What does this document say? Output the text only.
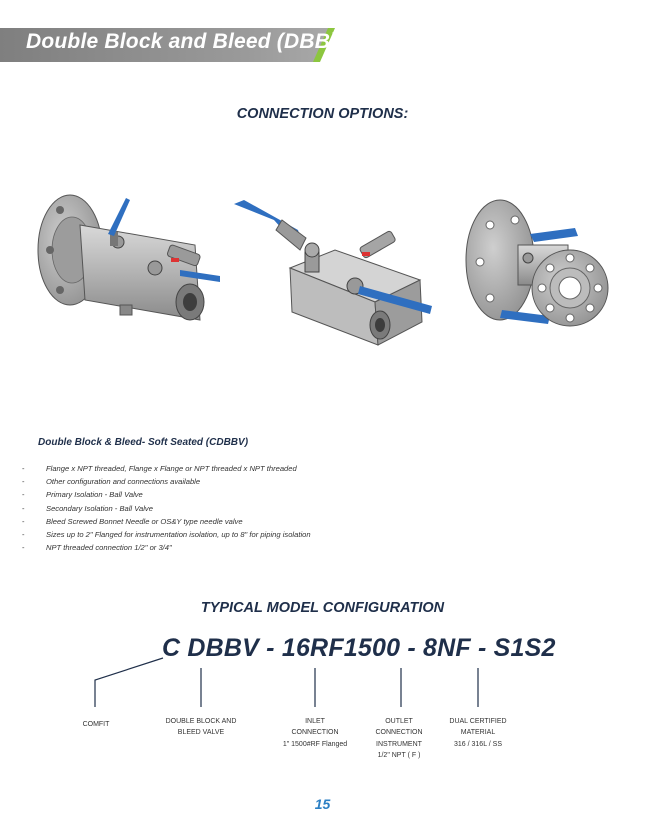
Double Block and Bleed (DBB)
CONNECTION OPTIONS:
Double Block & Bleed- Soft Seated (CDBBV)
-	Flange x NPT threaded, Flange x Flange or NPT threaded x NPT threaded
-	Other configuration and connections available
-	Primary Isolation - Ball Valve
-	Secondary Isolation - Ball Valve
-	Bleed Screwed Bonnet Needle or OS&Y type needle valve
-	Sizes up to 2" Flanged for instrumentation isolation, up to 8" for piping isolation
-	NPT threaded connection 1/2" or 3/4"
TYPICAL MODEL CONFIGURATION
C DBBV - 16RF1500 - 8NF - S1S2
COMFIT	DOUBLE BLOCK AND
BLEED VALVE
INLET
CONNECTION
1" 1500#RF Flanged
OUTLET
CONNECTION
INSTRUMENT
1/2" NPT ( F )
DUAL CERTIFIED
MATERIAL
316 / 316L / SS
15
